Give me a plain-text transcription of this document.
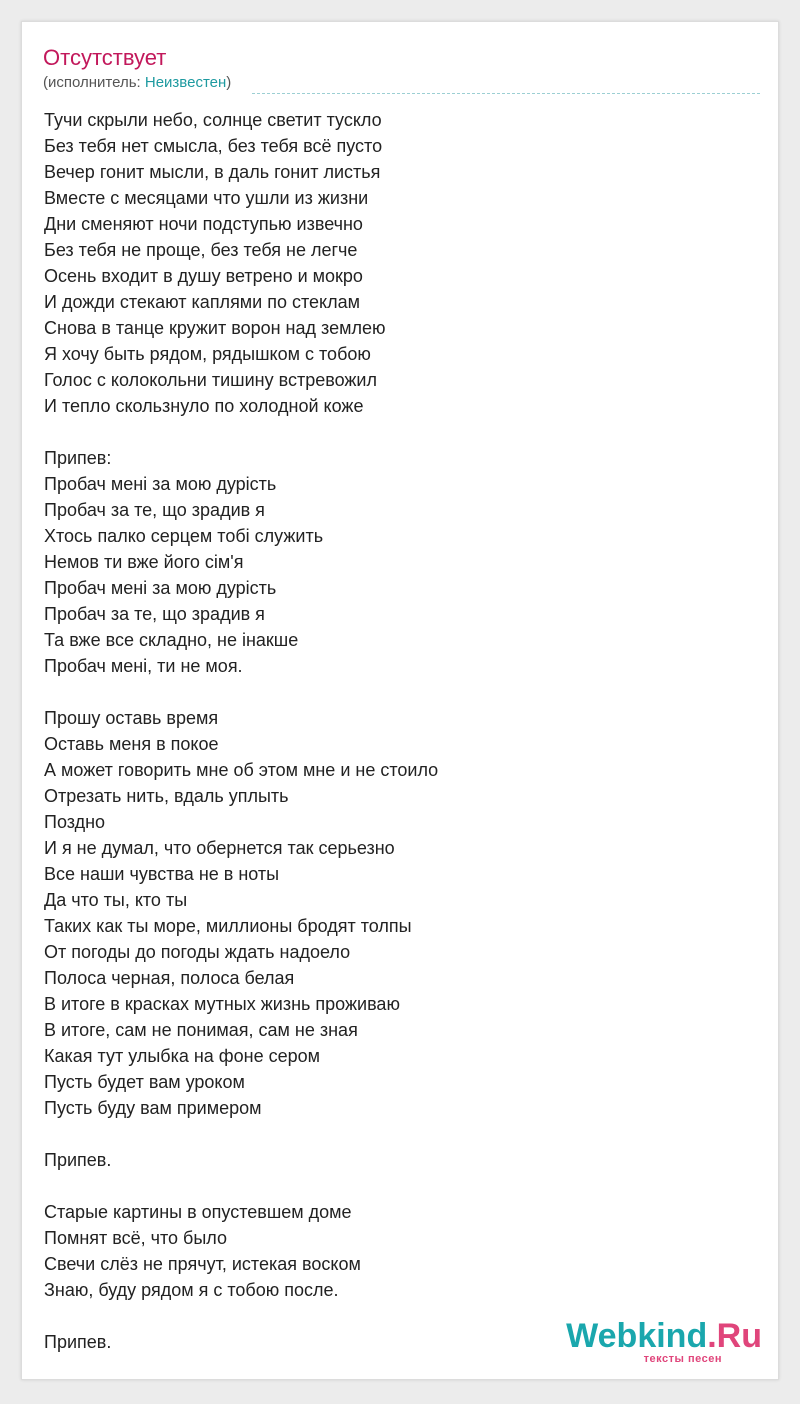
Отсутствует
(исполнитель: Неизвестен)
Тучи скрыли небо, солнце светит тускло
Без тебя нет смысла, без тебя всё пусто
Вечер гонит мысли, в даль гонит листья
Вместе с месяцами что ушли из жизни
Дни сменяют ночи подступью извечно
Без тебя не проще, без тебя не легче
Осень входит в душу ветрено и мокро
И дожди стекают каплями по стеклам
Снова в танце кружит ворон над землею
Я хочу быть рядом, рядышком с тобою
Голос с колокольни тишину встревожил
И тепло скользнуло по холодной коже
Припев:
Пробач мені за мою дурість
Пробач за те, що зрадив я
Хтось палко серцем тобі служить
Немов ти вже його сім'я
Пробач мені за мою дурість
Пробач за те, що зрадив я
Та вже все складно, не інакше
Пробач мені, ти не моя.
Прошу оставь время
Оставь меня в покое
А может говорить мне об этом мне и не стоило
Отрезать нить, вдаль уплыть
Поздно
И я не думал, что обернется так серьезно
Все наши чувства не в ноты
Да что ты, кто ты
Таких как ты море, миллионы бродят толпы
От погоды до погоды ждать надоело
Полоса черная, полоса белая
В итоге в красках мутных жизнь проживаю
В итоге, сам не понимая, сам не зная
Какая тут улыбка на фоне сером
Пусть будет вам уроком
Пусть буду вам примером
Припев.
Старые картины в опустевшем доме
Помнят всё, что было
Свечи слёз не прячут, истекая воском
Знаю, буду рядом я с тобою после.
Припев.	Webkind.Ru
тексты песен
